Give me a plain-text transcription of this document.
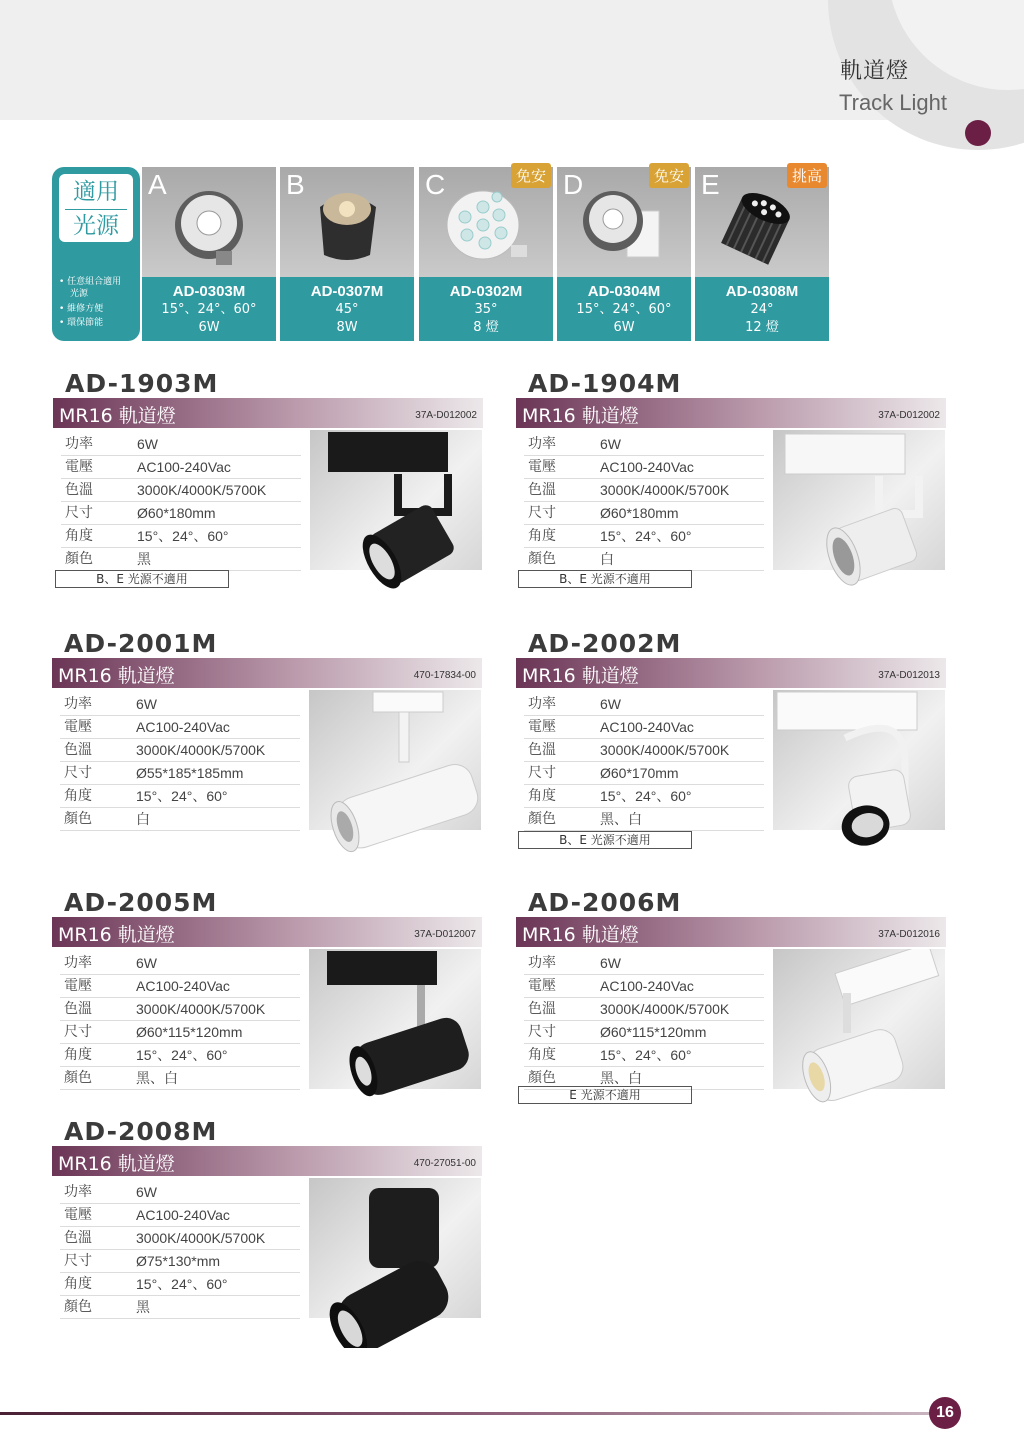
軌道燈
Track Light
適用
光源
• 任意組合適用
光源
• 維修方便
• 環保節能
A
AD-0303M
15°、24°、60°
6W
B
AD-0307M
45°
8W
C	免安
AD-0302M
35°
8 燈
D	免安
AD-0304M
15°、24°、60°
6W
E	挑高
AD-0308M
24°
12 燈
AD-1903M
MR16 軌道燈	37A-D012002
功率	6W
電壓	AC100-240Vac
色溫	3000K/4000K/5700K
尺寸	Ø60*180mm
角度	15°、24°、60°
顏色	黑
B、E 光源不適用
AD-1904M
MR16 軌道燈	37A-D012002
功率	6W
電壓	AC100-240Vac
色溫	3000K/4000K/5700K
尺寸	Ø60*180mm
角度	15°、24°、60°
顏色	白
B、E 光源不適用
AD-2001M
MR16 軌道燈	470-17834-00
功率	6W
電壓	AC100-240Vac
色溫	3000K/4000K/5700K
尺寸	Ø55*185*185mm
角度	15°、24°、60°
顏色	白
AD-2002M
MR16 軌道燈	37A-D012013
功率	6W
電壓	AC100-240Vac
色溫	3000K/4000K/5700K
尺寸	Ø60*170mm
角度	15°、24°、60°
顏色	黑、白
B、E 光源不適用
AD-2005M
MR16 軌道燈	37A-D012007
功率	6W
電壓	AC100-240Vac
色溫	3000K/4000K/5700K
尺寸	Ø60*115*120mm
角度	15°、24°、60°
顏色	黑、白
AD-2006M
MR16 軌道燈	37A-D012016
功率	6W
電壓	AC100-240Vac
色溫	3000K/4000K/5700K
尺寸	Ø60*115*120mm
角度	15°、24°、60°
顏色	黑、白
E 光源不適用
AD-2008M
MR16 軌道燈	470-27051-00
功率	6W
電壓	AC100-240Vac
色溫	3000K/4000K/5700K
尺寸	Ø75*130*mm
角度	15°、24°、60°
顏色	黑
16
